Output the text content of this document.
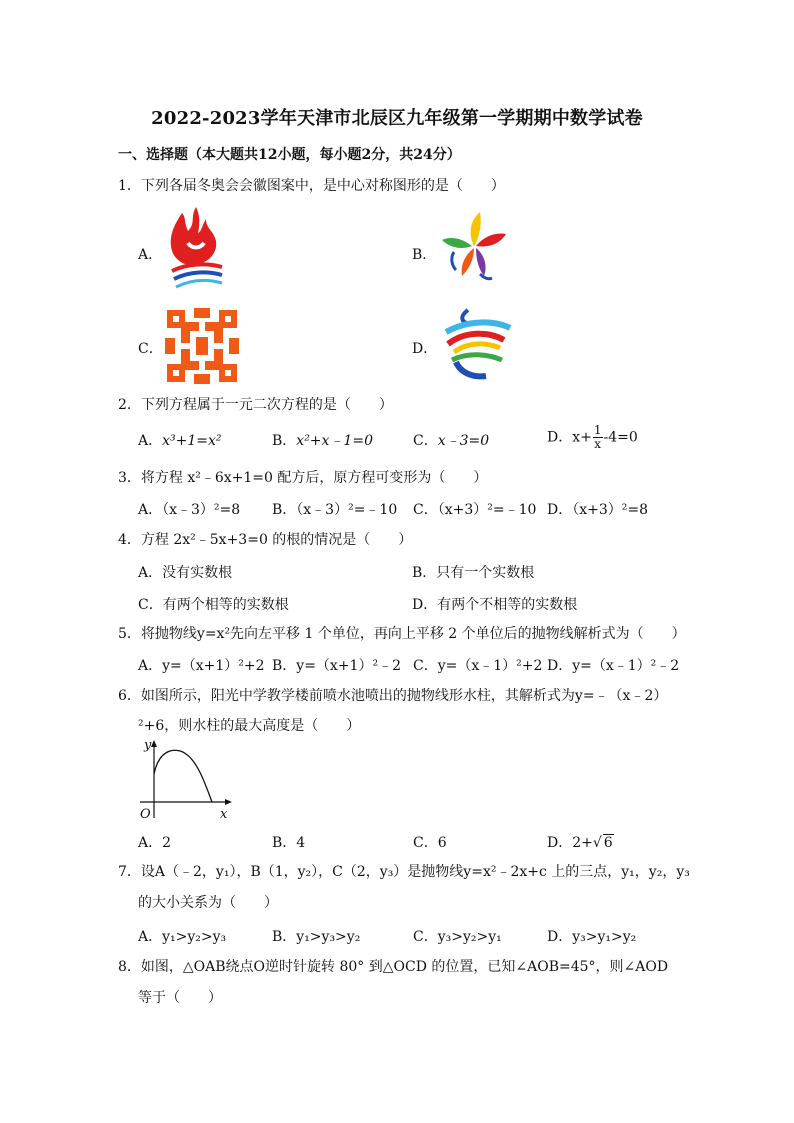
2022-2023学年天津市北辰区九年级第一学期期中数学试卷
一、选择题（本大题共12小题，每小题2分，共24分）
1．下列各届冬奥会会徽图案中，是中心对称图形的是（　　）
A．	B．
C．	D．
2．下列方程属于一元二次方程的是（　　）
A．x³+1=x²	B．x²+x﹣1=0	C．x﹣3=0	D．$x+ \frac{1}{x} -4=0$
3．将方程 x²﹣6x+1=0 配方后，原方程可变形为（　　）
A．（x﹣3）²=8 B．（x﹣3）²=﹣10 C．（x+3）²=﹣10 D．（x+3）²=8
4．方程 2x²﹣5x+3=0 的根的情况是（　　）
A．没有实数根	B．只有一个实数根
C．有两个相等的实数根	D．有两个不相等的实数根
5．将抛物线y=x²先向左平移 1 个单位，再向上平移 2 个单位后的抛物线解析式为（　　）
A．y=（x+1）²+2 B．y=（x+1）²﹣2 C．y=（x﹣1）²+2 D．y=（x﹣1）²﹣2
6．如图所示，阳光中学教学楼前喷水池喷出的抛物线形水柱，其解析式为y=﹣（x﹣2）
²+6，则水柱的最大高度是（　　）
y
x
O
A．2	B．4	C．6	D．2+√ 6
7．设A（﹣2，y₁），B（1，y₂），C（2，y₃）是抛物线y=x²﹣2x+c 上的三点，y₁，y₂，y₃
的大小关系为（　　）
A．y₁>y₂>y₃	B．y₁>y₃>y₂	C．y₃>y₂>y₁	D．y₃>y₁>y₂
8．如图，△OAB绕点O逆时针旋转 80° 到△OCD 的位置，已知∠AOB=45°，则∠AOD
等于（　　）
